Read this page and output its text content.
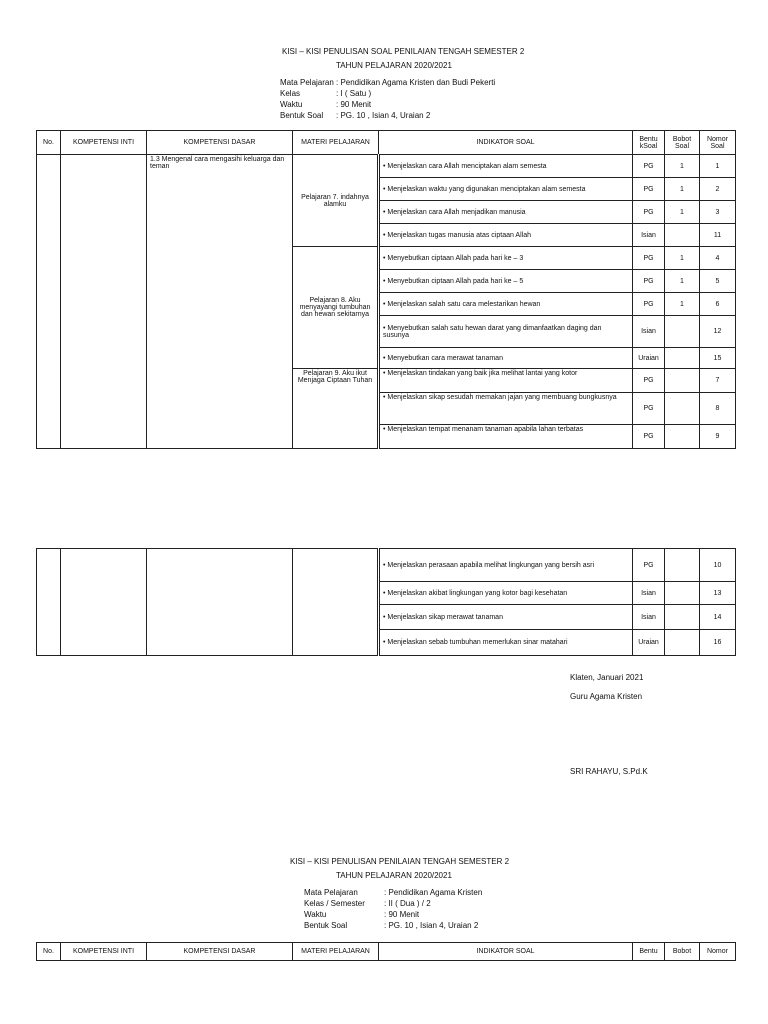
KISI – KISI PENULISAN SOAL PENILAIAN TENGAH SEMESTER 2
TAHUN PELAJARAN 2020/2021
Mata Pelajaran : Pendidikan Agama Kristen dan Budi Pekerti
Kelas	: I ( Satu )
Waktu	: 90 Menit
Bentuk Soal : PG. 10 , Isian 4, Uraian 2
No.	KOMPETENSI INTI	KOMPETENSI DASAR	MATERI PELAJARAN	INDIKATOR SOAL	Bentu kSoal	Bobot Soal	Nomor Soal
		1.3 Mengenal cara mengasihi keluarga dan teman	Pelajaran 7. indahnya alamku	• Menjelaskan cara Allah menciptakan alam semesta	PG	1	1
				• Menjelaskan waktu yang digunakan menciptakan alam semesta	PG	1	2
				• Menjelaskan cara Allah menjadikan manusia	PG	1	3
				• Menjelaskan tugas manusia atas ciptaan Allah	Isian		11
			Pelajaran 8. Aku menyayangi tumbuhan dan hewan sekitarnya	• Menyebutkan ciptaan Allah pada hari ke – 3	PG	1	4
				• Menyebutkan ciptaan Allah pada hari ke – 5	PG	1	5
				• Menjelaskan salah satu cara melestarikan hewan	PG	1	6
				• Menyebutkan salah satu hewan darat yang dimanfaatkan daging dan susunya	Isian		12
				• Menyebutkan cara merawat tanaman	Uraian		15
			Pelajaran 9. Aku ikut Menjaga Ciptaan Tuhan	• Menjelaskan tindakan yang baik jika melihat lantai yang kotor	PG		7
				• Menjelaskan sikap sesudah memakan jajan yang membuang bungkusnya	PG		8
				• Menjelaskan tempat menanam tanaman apabila lahan terbatas	PG		9
				• Menjelaskan perasaan apabila melihat lingkungan yang bersih asri	PG		10
				• Menjelaskan akibat lingkungan yang kotor bagi kesehatan	Isian		13
				• Menjelaskan sikap merawat tanaman	Isian		14
				• Menjelaskan sebab tumbuhan memerlukan sinar matahari	Uraian		16
Klaten, Januari 2021
Guru Agama Kristen
SRI RAHAYU, S.Pd.K
KISI – KISI PENULISAN PENILAIAN TENGAH SEMESTER 2
TAHUN PELAJARAN 2020/2021
Mata Pelajaran	: Pendidikan Agama Kristen
Kelas / Semester : II ( Dua ) / 2
Waktu	: 90 Menit
Bentuk Soal	: PG. 10 , Isian 4, Uraian 2
No.	KOMPETENSI INTI	KOMPETENSI DASAR	MATERI PELAJARAN	INDIKATOR SOAL	Bentu	Bobot	Nomor
